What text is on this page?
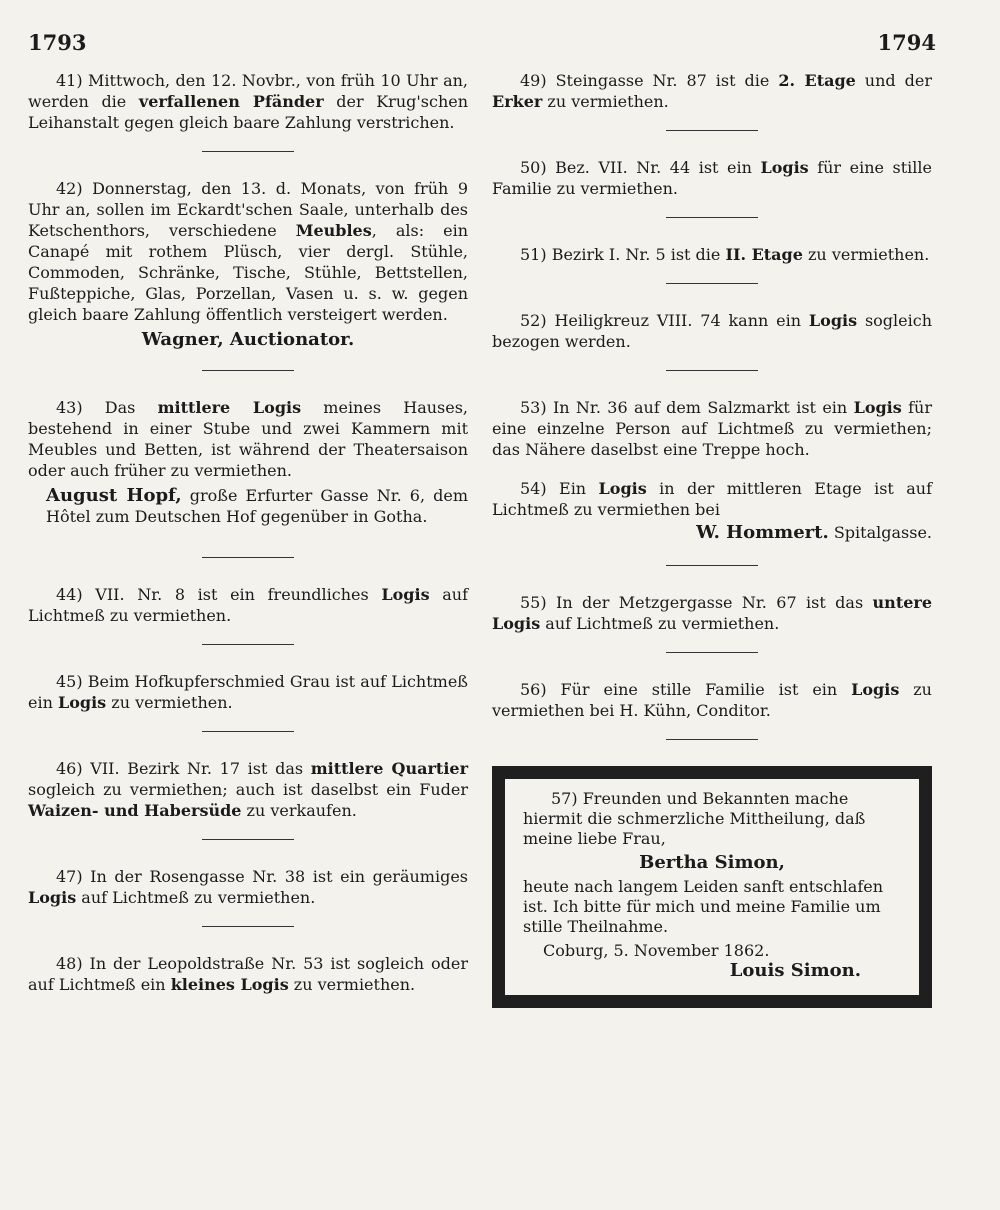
1793	1794

41) Mittwoch, den 12. Novbr., von früh 10 Uhr an, werden die verfallenen Pfänder der Krug'schen Leihanstalt gegen gleich baare Zahlung verstrichen.

42) Donnerstag, den 13. d. Monats, von früh 9 Uhr an, sollen im Eckardt'schen Saale, unterhalb des Ketschenthors, verschiedene Meubles, als: ein Canapé mit rothem Plüsch, vier dergl. Stühle, Commoden, Schränke, Tische, Stühle, Bettstellen, Fußteppiche, Glas, Porzellan, Vasen u. s. w. gegen gleich baare Zahlung öffentlich versteigert werden.

Wagner, Auctionator.

43) Das mittlere Logis meines Hauses, bestehend in einer Stube und zwei Kammern mit Meubles und Betten, ist während der Theatersaison oder auch früher zu vermiethen.

August Hopf, große Erfurter Gasse Nr. 6, dem Hôtel zum Deutschen Hof gegenüber in Gotha.

44) VII. Nr. 8 ist ein freundliches Logis auf Lichtmeß zu vermiethen.

45) Beim Hofkupferschmied Grau ist auf Lichtmeß ein Logis zu vermiethen.

46) VII. Bezirk Nr. 17 ist das mittlere Quartier sogleich zu vermiethen; auch ist daselbst ein Fuder Waizen- und Habersüde zu verkaufen.

47) In der Rosengasse Nr. 38 ist ein geräumiges Logis auf Lichtmeß zu vermiethen.

48) In der Leopoldstraße Nr. 53 ist sogleich oder auf Lichtmeß ein kleines Logis zu vermiethen.

49) Steingasse Nr. 87 ist die 2. Etage und der Erker zu vermiethen.

50) Bez. VII. Nr. 44 ist ein Logis für eine stille Familie zu vermiethen.

51) Bezirk I. Nr. 5 ist die II. Etage zu vermiethen.

52) Heiligkreuz VIII. 74 kann ein Logis sogleich bezogen werden.

53) In Nr. 36 auf dem Salzmarkt ist ein Logis für eine einzelne Person auf Lichtmeß zu vermiethen; das Nähere daselbst eine Treppe hoch.

54) Ein Logis in der mittleren Etage ist auf Lichtmeß zu vermiethen bei

W. Hommert. Spitalgasse.

55) In der Metzgergasse Nr. 67 ist das untere Logis auf Lichtmeß zu vermiethen.

56) Für eine stille Familie ist ein Logis zu vermiethen bei H. Kühn, Conditor.

57) Freunden und Bekannten mache hiermit die schmerzliche Mittheilung, daß meine liebe Frau,
Bertha Simon,
heute nach langem Leiden sanft entschlafen ist. Ich bitte für mich und meine Familie um stille Theilnahme.
Coburg, 5. November 1862.
Louis Simon.
